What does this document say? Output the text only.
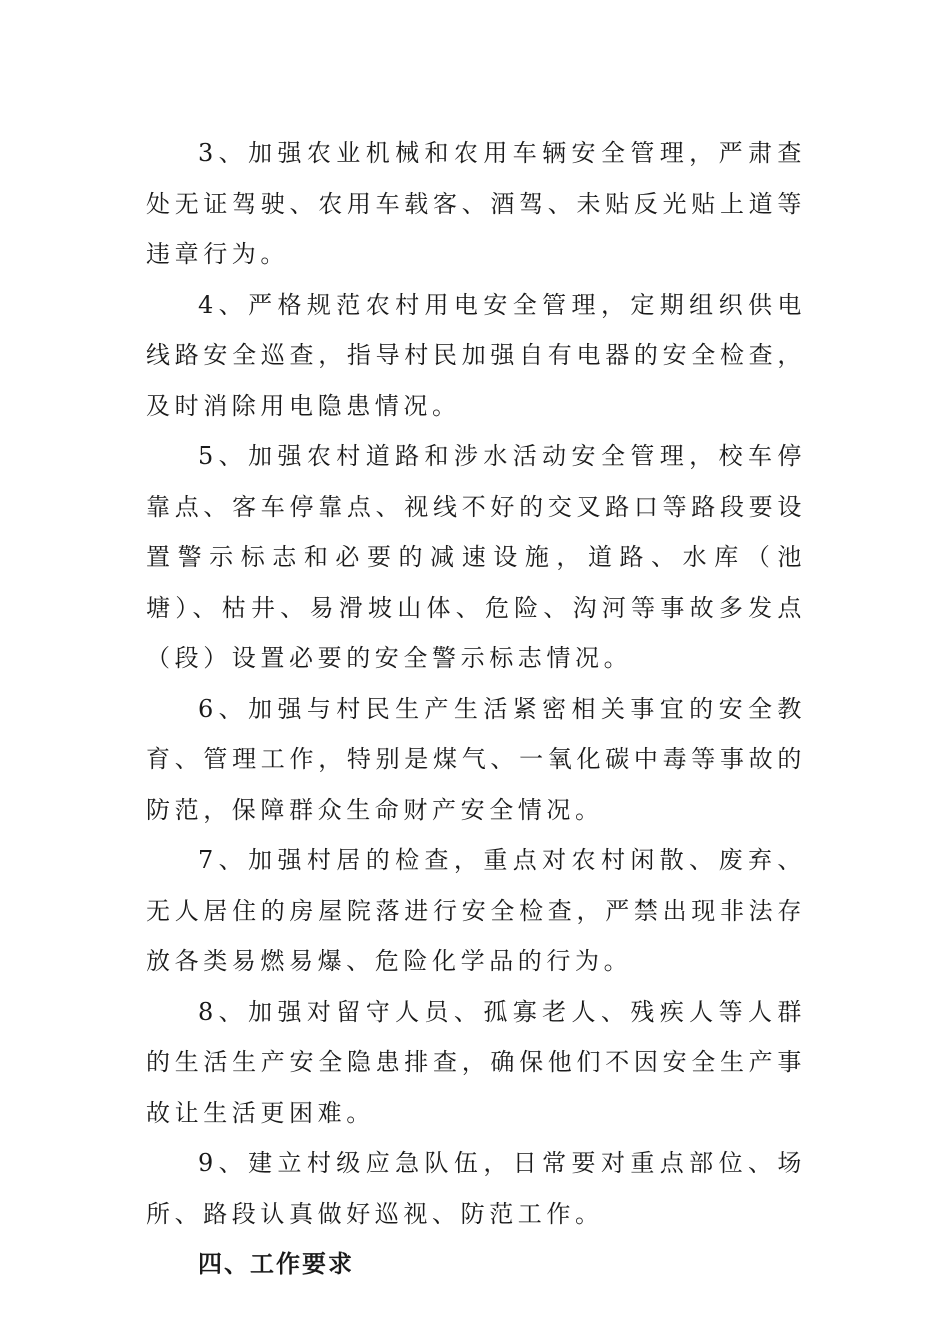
3、加强农业机械和农用车辆安全管理，严肃查处无证驾驶、农用车载客、酒驾、未贴反光贴上道等违章行为。

4、严格规范农村用电安全管理，定期组织供电线路安全巡查，指导村民加强自有电器的安全检查，及时消除用电隐患情况。

5、加强农村道路和涉水活动安全管理，校车停靠点、客车停靠点、视线不好的交叉路口等路段要设置警示标志和必要的减速设施，道路、水库（池塘）、枯井、易滑坡山体、危险、沟河等事故多发点（段）设置必要的安全警示标志情况。

6、加强与村民生产生活紧密相关事宜的安全教育、管理工作，特别是煤气、一氧化碳中毒等事故的防范，保障群众生命财产安全情况。

7、加强村居的检查，重点对农村闲散、废弃、无人居住的房屋院落进行安全检查，严禁出现非法存放各类易燃易爆、危险化学品的行为。

8、加强对留守人员、孤寡老人、残疾人等人群的生活生产安全隐患排查，确保他们不因安全生产事故让生活更困难。

9、建立村级应急队伍，日常要对重点部位、场所、路段认真做好巡视、防范工作。

四、工作要求
